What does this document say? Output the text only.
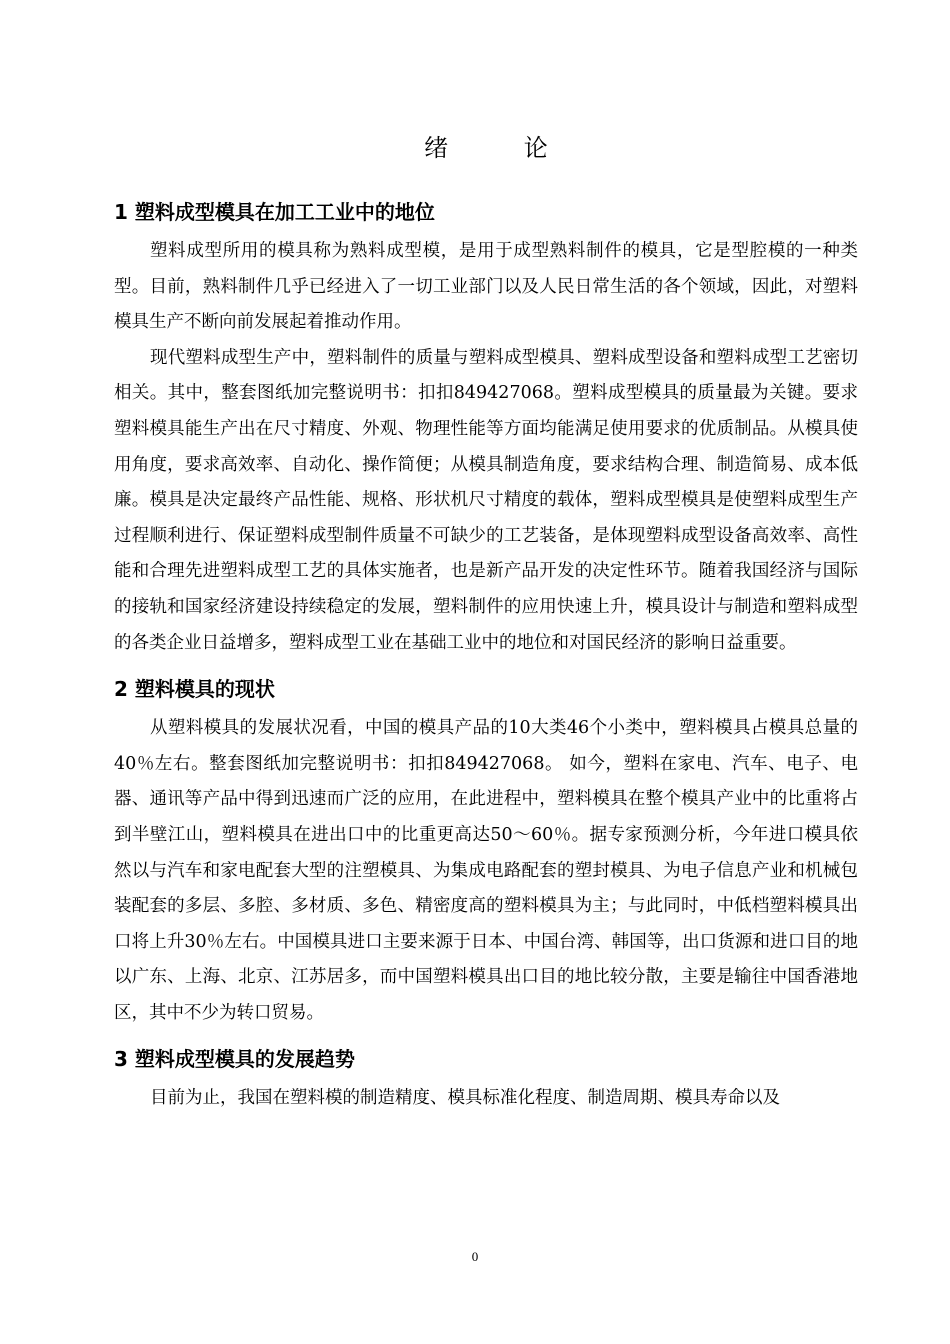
绪 论
1 塑料成型模具在加工工业中的地位

塑料成型所用的模具称为熟料成型模，是用于成型熟料制件的模具，它是型腔模的一种类型。目前，熟料制件几乎已经进入了一切工业部门以及人民日常生活的各个领域，因此，对塑料模具生产不断向前发展起着推动作用。

现代塑料成型生产中，塑料制件的质量与塑料成型模具、塑料成型设备和塑料成型工艺密切相关。其中，整套图纸加完整说明书：扣扣849427068。塑料成型模具的质量最为关键。要求塑料模具能生产出在尺寸精度、外观、物理性能等方面均能满足使用要求的优质制品。从模具使用角度，要求高效率、自动化、操作简便；从模具制造角度，要求结构合理、制造简易、成本低廉。模具是决定最终产品性能、规格、形状机尺寸精度的载体，塑料成型模具是使塑料成型生产过程顺利进行、保证塑料成型制件质量不可缺少的工艺装备，是体现塑料成型设备高效率、高性能和合理先进塑料成型工艺的具体实施者，也是新产品开发的决定性环节。随着我国经济与国际的接轨和国家经济建设持续稳定的发展，塑料制件的应用快速上升，模具设计与制造和塑料成型的各类企业日益增多，塑料成型工业在基础工业中的地位和对国民经济的影响日益重要。

2 塑料模具的现状

从塑料模具的发展状况看，中国的模具产品的10大类46个小类中，塑料模具占模具总量的40％左右。整套图纸加完整说明书：扣扣849427068。 如今，塑料在家电、汽车、电子、电器、通讯等产品中得到迅速而广泛的应用，在此进程中，塑料模具在整个模具产业中的比重将占到半壁江山，塑料模具在进出口中的比重更高达50～60％。据专家预测分析，今年进口模具依然以与汽车和家电配套大型的注塑模具、为集成电路配套的塑封模具、为电子信息产业和机械包装配套的多层、多腔、多材质、多色、精密度高的塑料模具为主；与此同时，中低档塑料模具出口将上升30％左右。中国模具进口主要来源于日本、中国台湾、韩国等，出口货源和进口目的地以广东、上海、北京、江苏居多，而中国塑料模具出口目的地比较分散，主要是输往中国香港地区，其中不少为转口贸易。

3 塑料成型模具的发展趋势

目前为止，我国在塑料模的制造精度、模具标准化程度、制造周期、模具寿命以及

0
